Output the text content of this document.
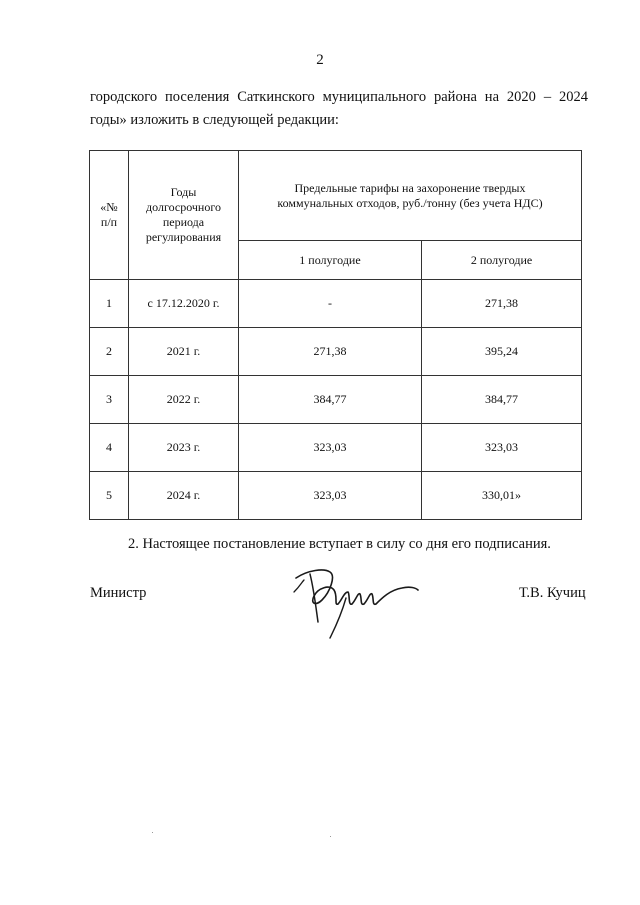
2
городского поселения Саткинского муниципального района на 2020 – 2024
годы» изложить в следующей редакции:
«№ п/п	Годы долгосрочного периода регулирования	Предельные тарифы на захоронение твердых коммунальных отходов, руб./тонну (без учета НДС)	
		1 полугодие	2 полугодие
1	с 17.12.2020 г.	-	271,38
2	2021 г.	271,38	395,24
3	2022 г.	384,77	384,77
4	2023 г.	323,03	323,03
5	2024 г.	323,03	330,01»
2. Настоящее постановление вступает в силу со дня его подписания.
Министр	Т.В. Кучиц
